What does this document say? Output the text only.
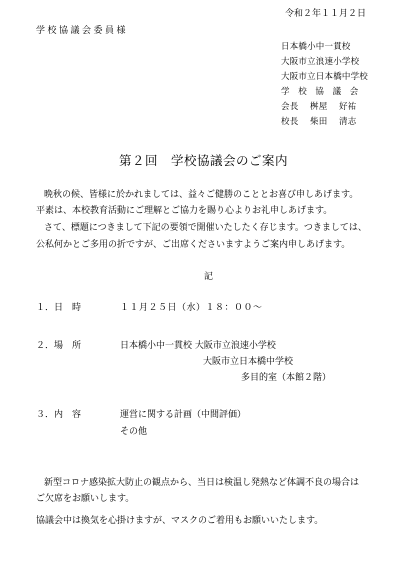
令和２年１１月２日
学校協議会委員様
日本橋小中一貫校
大阪市立浪速小学校
大阪市立日本橋中学校
学 校 協 議 会
会長　 桝屋　 好祐
校長　 柴田　 清志
第２回　学校協議会のご案内
晩秋の候、皆様に於かれましては、益々ご健勝のこととお喜び申しあげます。
平素は、本校教育活動にご理解とご協力を賜り心よりお礼申しあげます。
さて、標題につきまして下記の要領で開催いたしたく存じます。つきましては、
公私何かとご多用の折ですが、ご出席くださいますようご案内申しあげます。
記
１．日　時	１１月２５日（水）１８：００～
２．場　所	日本橋小中一貫校 大阪市立浪速小学校
大阪市立日本橋中学校
多目的室（本館２階）
３．内　容	運営に関する計画（中間評価）
その他
新型コロナ感染拡大防止の観点から、当日は検温し発熱など体調不良の場合は
ご欠席をお願いします。
協議会中は換気を心掛けますが、マスクのご着用もお願いいたします。
